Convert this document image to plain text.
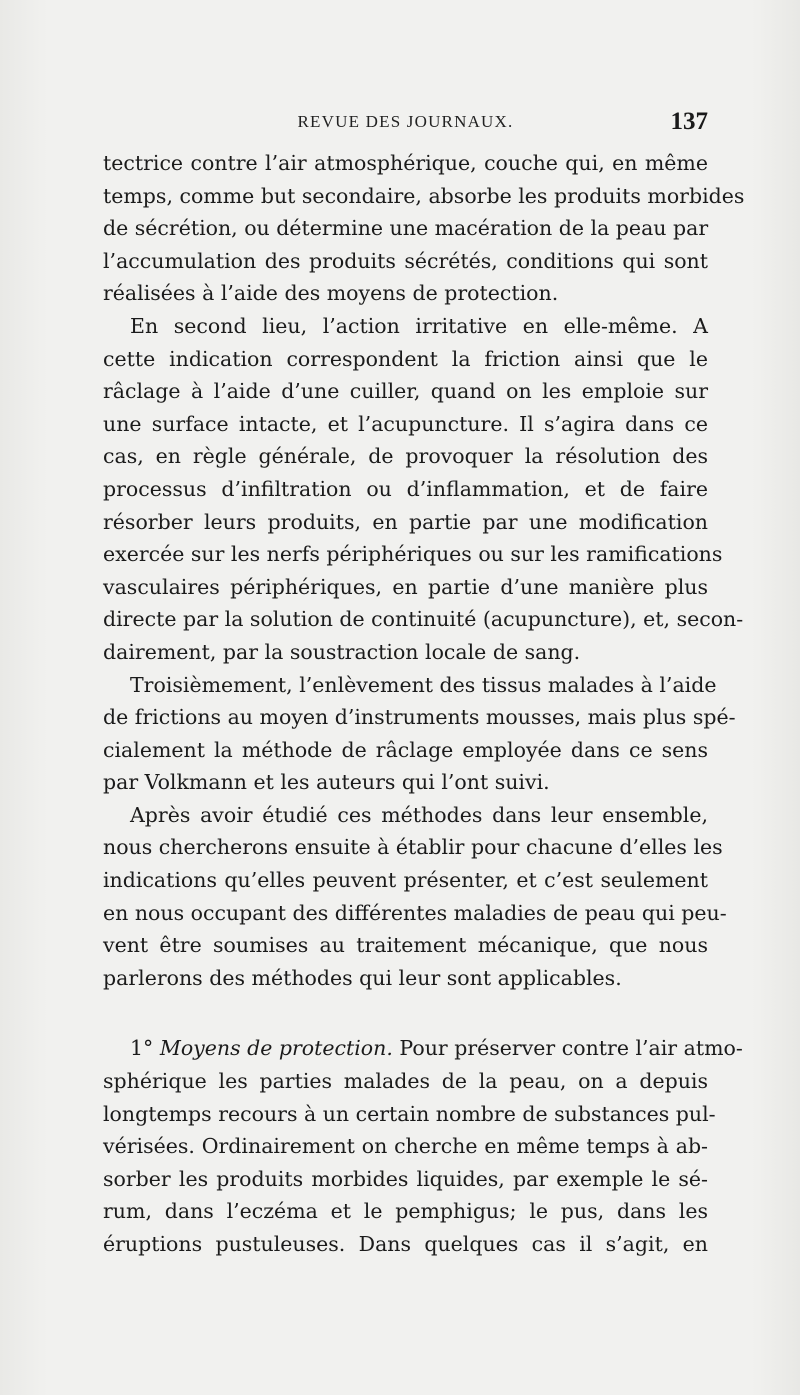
REVUE DES JOURNAUX.	137
tectrice contre l’air atmosphérique, couche qui, en même
temps, comme but secondaire, absorbe les produits morbides
de sécrétion, ou détermine une macération de la peau par
l’accumulation des produits sécrétés, conditions qui sont
réalisées à l’aide des moyens de protection.
En second lieu, l’action irritative en elle-même. A
cette indication correspondent la friction ainsi que le
râclage à l’aide d’une cuiller, quand on les emploie sur
une surface intacte, et l’acupuncture. Il s’agira dans ce
cas, en règle générale, de provoquer la résolution des
processus d’infiltration ou d’inflammation, et de faire
résorber leurs produits, en partie par une modification
exercée sur les nerfs périphériques ou sur les ramifications
vasculaires périphériques, en partie d’une manière plus
directe par la solution de continuité (acupuncture), et, secon-
dairement, par la soustraction locale de sang.
Troisièmement, l’enlèvement des tissus malades à l’aide
de frictions au moyen d’instruments mousses, mais plus spé-
cialement la méthode de râclage employée dans ce sens
par Volkmann et les auteurs qui l’ont suivi.
Après avoir étudié ces méthodes dans leur ensemble,
nous chercherons ensuite à établir pour chacune d’elles les
indications qu’elles peuvent présenter, et c’est seulement
en nous occupant des différentes maladies de peau qui peu-
vent être soumises au traitement mécanique, que nous
parlerons des méthodes qui leur sont applicables.
1° Moyens de protection. Pour préserver contre l’air atmo-
sphérique les parties malades de la peau, on a depuis
longtemps recours à un certain nombre de substances pul-
vérisées. Ordinairement on cherche en même temps à ab-
sorber les produits morbides liquides, par exemple le sé-
rum, dans l’eczéma et le pemphigus; le pus, dans les
éruptions pustuleuses. Dans quelques cas il s’agit, en
